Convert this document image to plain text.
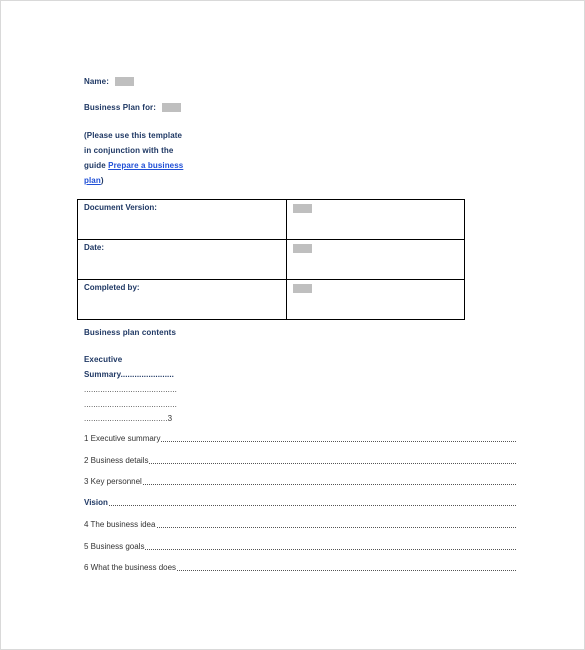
Name:
Business Plan for:
(Please use this template
in conjunction with the
guide Prepare a business
plan)
Document Version:	
Date:	
Completed by:	
Business plan contents
Executive
Summary.......................
........................................
........................................
....................................3
1 Executive summary
2 Business details
3 Key personnel
Vision
4 The business idea
5 Business goals
6 What the business does
